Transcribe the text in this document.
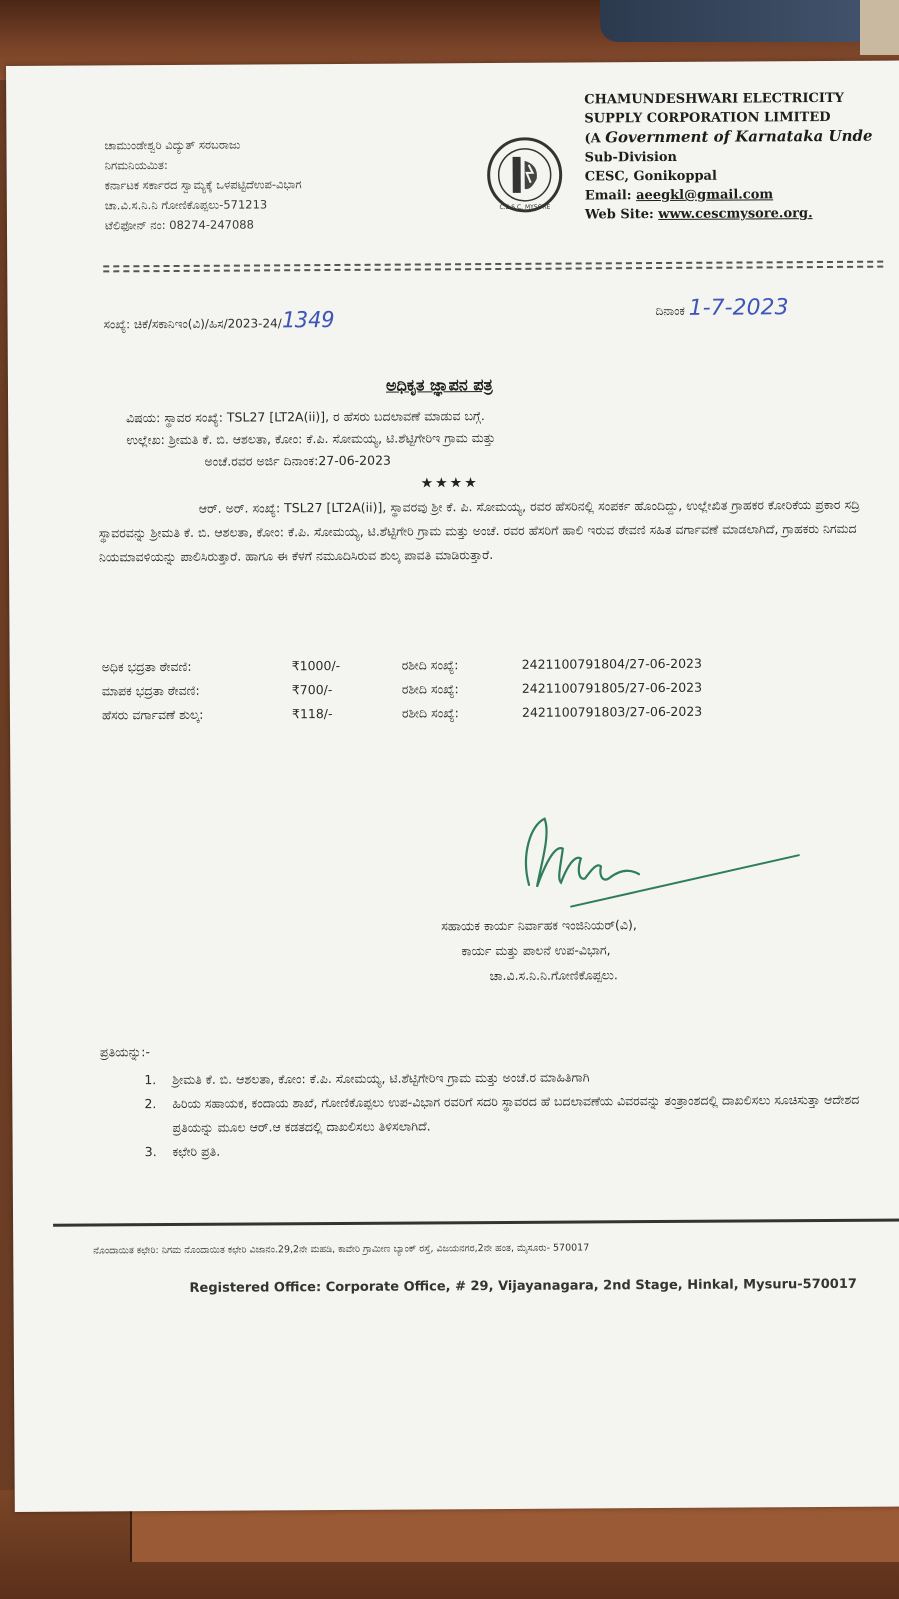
ಚಾಮುಂಡೇಶ್ವರಿ ವಿದ್ಯುತ್ ಸರಬರಾಜು
ನಿಗಮನಿಯಮಿತ:
ಕರ್ನಾಟಕ ಸರ್ಕಾರದ ಸ್ವಾಮ್ಯಕ್ಕೆ ಒಳಪಟ್ಟಿದೆಉಪ-ವಿಭಾಗ
ಚಾ.ವಿ.ಸ.ನಿ.ನಿ ಗೋಣಿಕೊಪ್ಪಲು-571213
ಟೆಲಿಫೋನ್ ನಂ: 08274-247088
C.E.S.C. MYSORE
CHAMUNDESHWARI ELECTRICITY
SUPPLY CORPORATION LIMITED
(A Government of Karnataka Unde
Sub-Division
CESC, Gonikoppal
Email: aeegkl@gmail.com
Web Site: www.cescmysore.org.
ಸಂಖ್ಯೆ: ಚಿಕೆ/ಸಕಾನಿಇಂ(ವಿ)/ಹಿಸ/2023-24/1349	ದಿನಾಂಕ 1-7-2023
ಅಧಿಕೃತ ಜ್ಞಾಪನ ಪತ್ರ
ವಿಷಯ: ಸ್ಥಾವರ ಸಂಖ್ಯೆ: TSL27 [LT2A(ii)], ರ ಹೆಸರು ಬದಲಾವಣೆ ಮಾಡುವ ಬಗ್ಗೆ.
ಉಲ್ಲೇಖ: ಶ್ರೀಮತಿ ಕೆ. ಬಿ. ಆಶಲತಾ, ಕೋಂ: ಕೆ.ಪಿ. ಸೋಮಯ್ಯ, ಟಿ.ಶೆಟ್ಟಿಗೇರಿಇ ಗ್ರಾಮ ಮತ್ತು
ಅಂಚೆ.ರವರ ಅರ್ಜಿ ದಿನಾಂಕ:27-06-2023
★★★★
ಆರ್. ಅರ್. ಸಂಖ್ಯೆ: TSL27 [LT2A(ii)], ಸ್ಥಾವರವು ಶ್ರೀ ಕೆ. ಪಿ. ಸೋಮಯ್ಯ, ರವರ ಹೆಸರಿನಲ್ಲಿ ಸಂಪರ್ಕ ಹೊಂದಿದ್ದು, ಉಲ್ಲೇಖಿತ ಗ್ರಾಹಕರ ಕೋರಿಕೆಯ ಪ್ರಕಾರ ಸದ್ರಿ ಸ್ಥಾವರವನ್ನು ಶ್ರೀಮತಿ ಕೆ. ಬಿ. ಆಶಲತಾ, ಕೋಂ: ಕೆ.ಪಿ. ಸೋಮಯ್ಯ, ಟಿ.ಶೆಟ್ಟಿಗೇರಿ ಗ್ರಾಮ ಮತ್ತು ಅಂಚೆ. ರವರ ಹೆಸರಿಗೆ ಹಾಲಿ ಇರುವ ಠೇವಣಿ ಸಹಿತ ವರ್ಗಾವಣೆ ಮಾಡಲಾಗಿದೆ, ಗ್ರಾಹಕರು ನಿಗಮದ ನಿಯಮಾವಳಿಯನ್ನು ಪಾಲಿಸಿರುತ್ತಾರೆ. ಹಾಗೂ ಈ ಕೆಳಗೆ ನಮೂದಿಸಿರುವ ಶುಲ್ಕ ಪಾವತಿ ಮಾಡಿರುತ್ತಾರೆ.
ಅಧಿಕ ಭದ್ರತಾ ಠೇವಣಿ:	₹1000/-	ರಶೀದಿ ಸಂಖ್ಯೆ:	2421100791804/27-06-2023
ಮಾಪಕ ಭದ್ರತಾ ಠೇವಣಿ:	₹700/-	ರಶೀದಿ ಸಂಖ್ಯೆ:	2421100791805/27-06-2023
ಹೆಸರು ವರ್ಗಾವಣೆ ಶುಲ್ಕ:	₹118/-	ರಶೀದಿ ಸಂಖ್ಯೆ:	2421100791803/27-06-2023
ಸಹಾಯಕ ಕಾರ್ಯ ನಿರ್ವಾಹಕ ಇಂಜಿನಿಯರ್(ವಿ),
ಕಾರ್ಯ ಮತ್ತು ಪಾಲನೆ ಉಪ-ವಿಭಾಗ,
ಚಾ.ವಿ.ಸ.ನಿ.ನಿ.ಗೋಣಿಕೊಪ್ಪಲು.
ಪ್ರತಿಯನ್ನು:-
1. ಶ್ರೀಮತಿ ಕೆ. ಬಿ. ಆಶಲತಾ, ಕೋಂ: ಕೆ.ಪಿ. ಸೋಮಯ್ಯ, ಟಿ.ಶೆಟ್ಟಿಗೇರಿಇ ಗ್ರಾಮ ಮತ್ತು ಅಂಚೆ.ರ ಮಾಹಿತಿಗಾಗಿ
2. ಹಿರಿಯ ಸಹಾಯಕ, ಕಂದಾಯ ಶಾಖೆ, ಗೋಣಿಕೊಪ್ಪಲು ಉಪ-ವಿಭಾಗ ರವರಿಗೆ ಸದರಿ ಸ್ಥಾವರದ ಹೆ ಬದಲಾವಣೆಯ ವಿವರವನ್ನು ತಂತ್ರಾಂಶದಲ್ಲಿ ದಾಖಲಿಸಲು ಸೂಚಿಸುತ್ತಾ ಆದೇಶದ ಪ್ರತಿಯನ್ನು ಮೂಲ ಆರ್.ಆ ಕಡತದಲ್ಲಿ ದಾಖಲಿಸಲು ತಿಳಿಸಲಾಗಿದೆ.
3. ಕಛೇರಿ ಪ್ರತಿ.
ನೊಂದಾಯಿತ ಕಛೇರಿ: ನಿಗಮ ನೊಂದಾಯಿತ ಕಛೇರಿ ವಿಜಾನಂ.29,2ನೇ ಮಹಡಿ, ಕಾವೇರಿ ಗ್ರಾಮೀಣ ಬ್ಯಾಂಕ್ ರಸ್ತೆ, ವಿಜಯನಗರ,2ನೇ ಹಂತ, ಮೈಸೂರು- 570017
Registered Office: Corporate Office, # 29, Vijayanagara, 2nd Stage, Hinkal, Mysuru-570017
